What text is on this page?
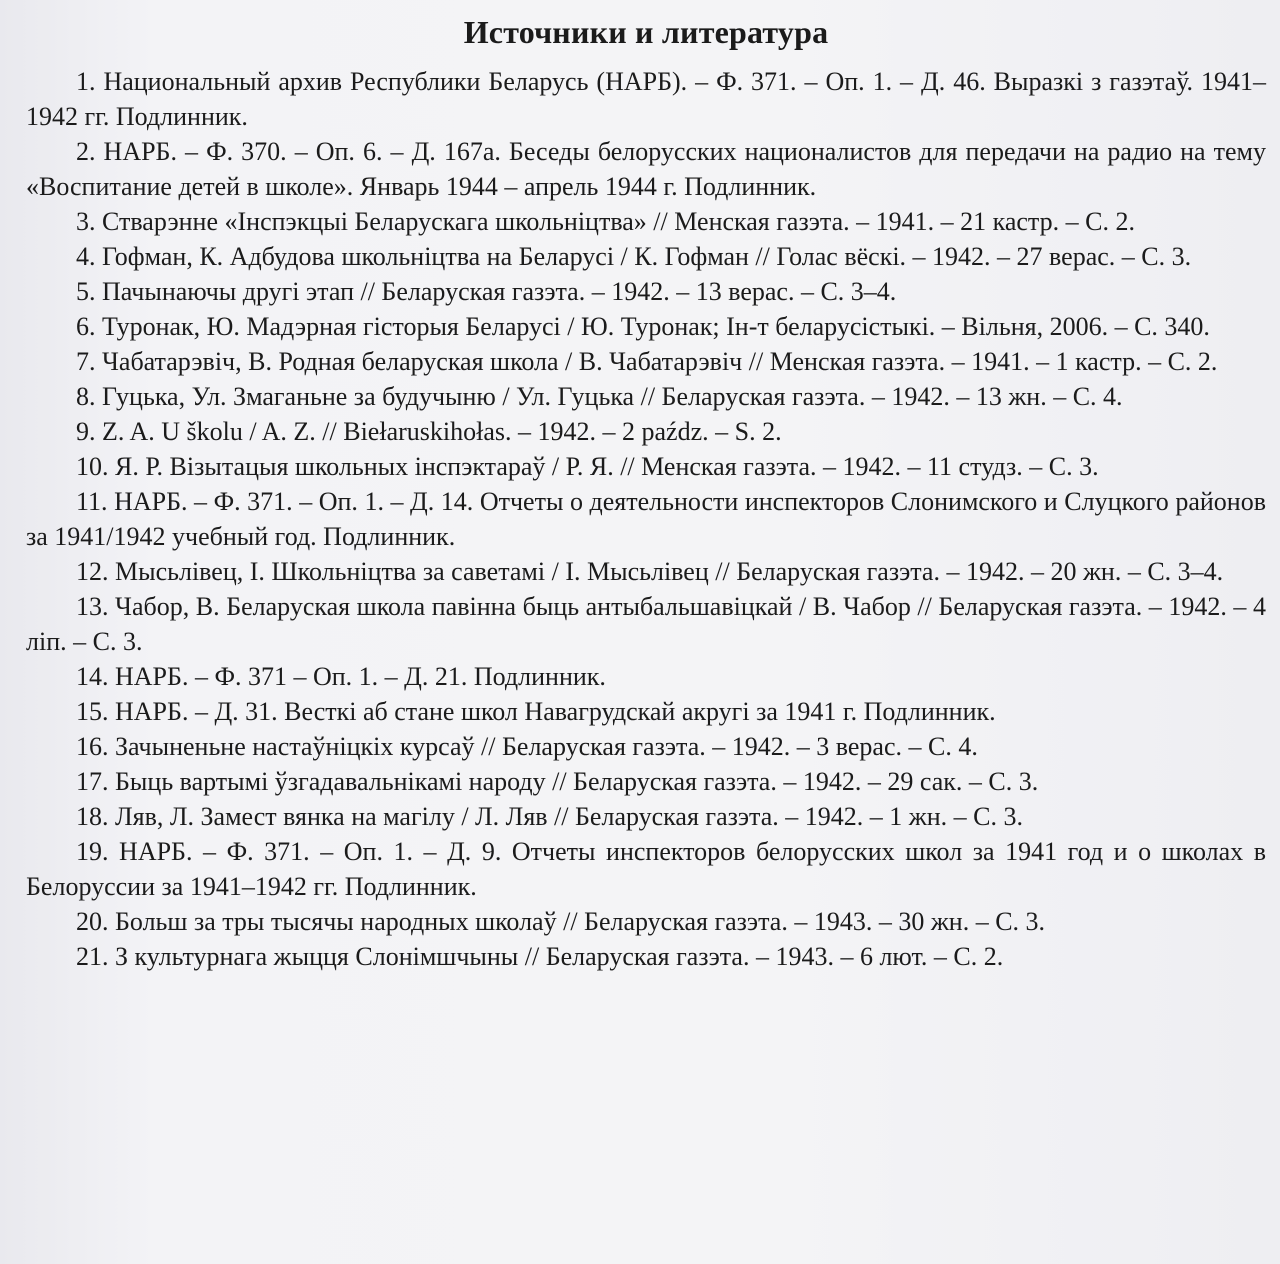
Источники и литература
1. Национальный архив Республики Беларусь (НАРБ). – Ф. 371. – Оп. 1. – Д. 46. Выразкі з газэтаў. 1941–1942 гг. Подлинник.
2. НАРБ. – Ф. 370. – Оп. 6. – Д. 167а. Беседы белорусских националистов для передачи на радио на тему «Воспитание детей в школе». Январь 1944 – апрель 1944 г. Подлинник.
3. Стварэнне «Інспэкцыі Беларускага школьніцтва» // Менская газэта. – 1941. – 21 кастр. – С. 2.
4. Гофман, К. Адбудова школьніцтва на Беларусі / К. Гофман // Голас вёскі. – 1942. – 27 верас. – С. 3.
5. Пачынаючы другі этап // Беларуская газэта. – 1942. – 13 верас. – С. 3–4.
6. Туронак, Ю. Мадэрная гісторыя Беларусі / Ю. Туронак; Ін-т беларусістыкі. – Вільня, 2006. – С. 340.
7. Чабатарэвіч, В. Родная беларуская школа / В. Чабатарэвіч // Менская газэта. – 1941. – 1 кастр. – С. 2.
8. Гуцька, Ул. Змаганьне за будучыню / Ул. Гуцька // Беларуская газэта. – 1942. – 13 жн. – С. 4.
9. Z. A. U školu / A. Z. // Biełaruskihołas. – 1942. – 2 paźdz. – S. 2.
10. Я. Р. Візытацыя школьных інспэктараў / Р. Я. // Менская газэта. – 1942. – 11 студз. – С. 3.
11. НАРБ. – Ф. 371. – Оп. 1. – Д. 14. Отчеты о деятельности инспекторов Слонимского и Слуцкого районов за 1941/1942 учебный год. Подлинник.
12. Мысьлівец, І. Школьніцтва за саветамі / І. Мысьлівец // Беларуская газэта. – 1942. – 20 жн. – С. 3–4.
13. Чабор, В. Беларуская школа павінна быць антыбальшавіцкай / В. Чабор // Беларуская газэта. – 1942. – 4 ліп. – С. 3.
14. НАРБ. – Ф. 371 – Оп. 1. – Д. 21. Подлинник.
15. НАРБ. – Д. 31. Весткі аб стане школ Навагрудскай акругі за 1941 г. Подлинник.
16. Зачыненьне настаўніцкіх курсаў // Беларуская газэта. – 1942. – 3 верас. – С. 4.
17. Быць вартымі ўзгадавальнікамі народу // Беларуская газэта. – 1942. – 29 сак. – С. 3.
18. Ляв, Л. Замест вянка на магілу / Л. Ляв // Беларуская газэта. – 1942. – 1 жн. – С. 3.
19. НАРБ. – Ф. 371. – Оп. 1. – Д. 9. Отчеты инспекторов белорусских школ за 1941 год и о школах в Белоруссии за 1941–1942 гг. Подлинник.
20. Больш за тры тысячы народных школаў // Беларуская газэта. – 1943. – 30 жн. – С. 3.
21. З культурнага жыцця Слонімшчыны // Беларуская газэта. – 1943. – 6 лют. – С. 2.
